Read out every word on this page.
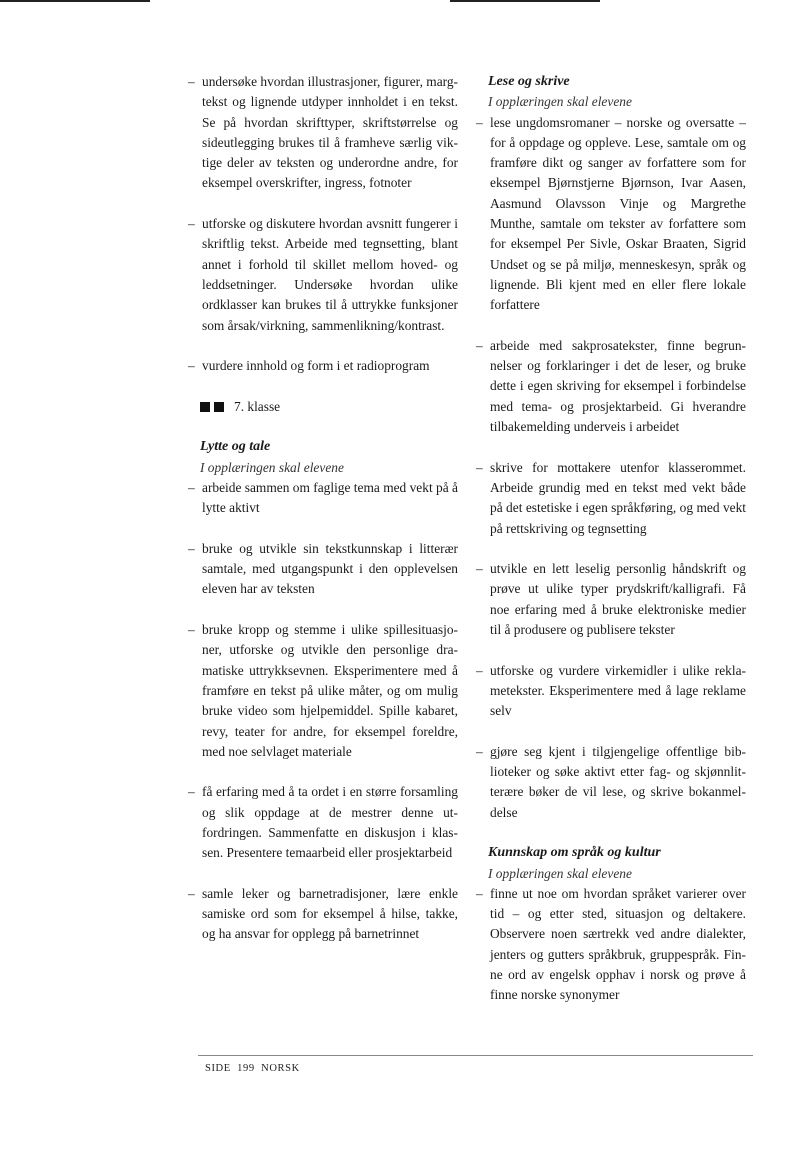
– undersøke hvordan illustrasjoner, figurer, margtekst og lignende utdyper innholdet i en tekst. Se på hvordan skrifttyper, skriftstørrelse og sideutlegging brukes til å framheve særlig viktige deler av teksten og underordne andre, for eksempel overskrifter, ingress, fotnoter
– utforske og diskutere hvordan avsnitt fungerer i skriftlig tekst. Arbeide med tegnsetting, blant annet i forhold til skillet mellom hoved- og leddsetninger. Undersøke hvordan ulike ordklasser kan brukes til å uttrykke funksjoner som årsak/virkning, sammenlikning/kontrast.
– vurdere innhold og form i et radioprogram
7. klasse
Lytte og tale
I opplæringen skal elevene
– arbeide sammen om faglige tema med vekt på å lytte aktivt
– bruke og utvikle sin tekstkunnskap i litterær samtale, med utgangspunkt i den opplevelsen eleven har av teksten
– bruke kropp og stemme i ulike spillesituasjoner, utforske og utvikle den personlige dramatiske uttrykksevnen. Eksperimentere med å framføre en tekst på ulike måter, og om mulig bruke video som hjelpemiddel. Spille kabaret, revy, teater for andre, for eksempel foreldre, med noe selvlaget materiale
– få erfaring med å ta ordet i en større forsamling og slik oppdage at de mestrer denne utfordringen. Sammenfatte en diskusjon i klassen. Presentere temaarbeid eller prosjektarbeid
– samle leker og barnetradisjoner, lære enkle samiske ord som for eksempel å hilse, takke, og ha ansvar for opplegg på barnetrinnet
Lese og skrive
I opplæringen skal elevene
– lese ungdomsromaner – norske og oversatte – for å oppdage og oppleve. Lese, samtale om og framføre dikt og sanger av forfattere som for eksempel Bjørnstjerne Bjørnson, Ivar Aasen, Aasmund Olavsson Vinje og Margrethe Munthe, samtale om tekster av forfattere som for eksempel Per Sivle, Oskar Braaten, Sigrid Undset og se på miljø, menneskesyn, språk og lignende. Bli kjent med en eller flere lokale forfattere
– arbeide med sakprosatekster, finne begrunnelser og forklaringer i det de leser, og bruke dette i egen skriving for eksempel i forbindelse med tema- og prosjektarbeid. Gi hverandre tilbakemelding underveis i arbeidet
– skrive for mottakere utenfor klasserommet. Arbeide grundig med en tekst med vekt både på det estetiske i egen språkføring, og med vekt på rettskriving og tegnsetting
– utvikle en lett leselig personlig håndskrift og prøve ut ulike typer prydskrift/kalligrafi. Få noe erfaring med å bruke elektroniske medier til å produsere og publisere tekster
– utforske og vurdere virkemidler i ulike reklametekster. Eksperimentere med å lage reklame selv
– gjøre seg kjent i tilgjengelige offentlige biblioteker og søke aktivt etter fag- og skjønnlitterære bøker de vil lese, og skrive bokanmeldelse
Kunnskap om språk og kultur
I opplæringen skal elevene
– finne ut noe om hvordan språket varierer over tid – og etter sted, situasjon og deltakere. Observere noen særtrekk ved andre dialekter, jenters og gutters språkbruk, gruppespråk. Finne ord av engelsk opphav i norsk og prøve å finne norske synonymer
SIDE  199  NORSK
